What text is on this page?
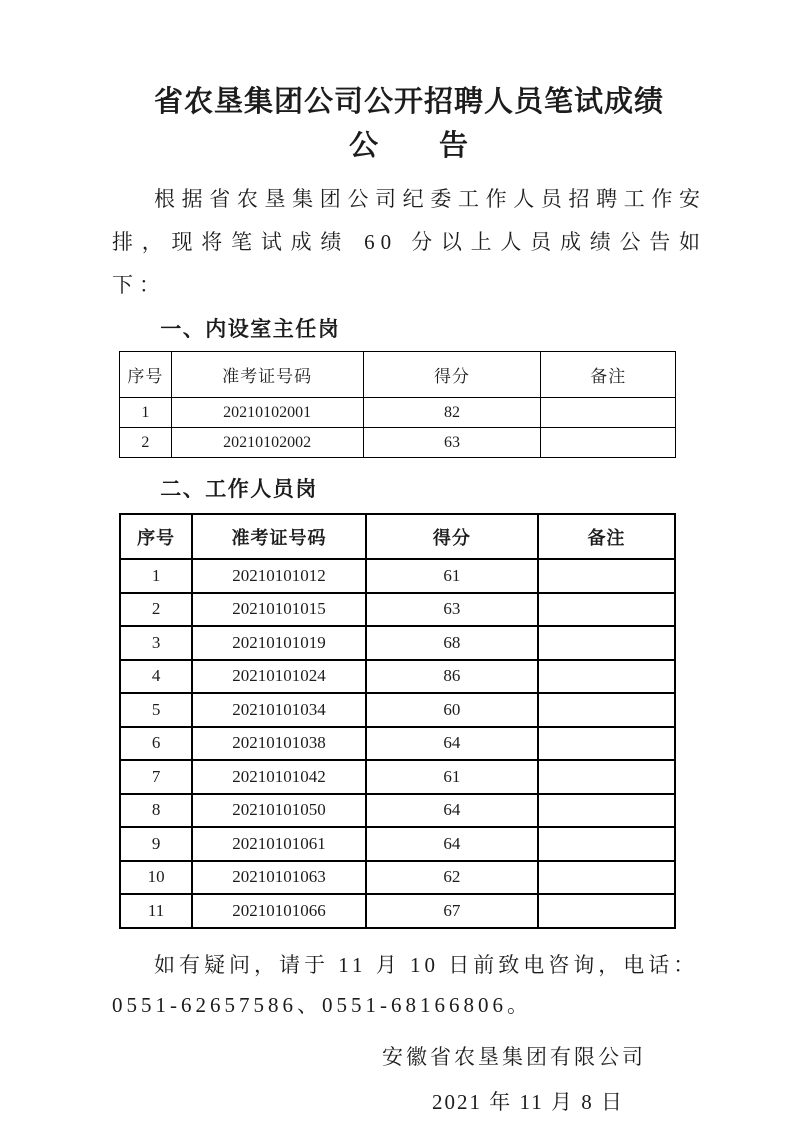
省农垦集团公司公开招聘人员笔试成绩
公　　告

根据省农垦集团公司纪委工作人员招聘工作安排，现将笔试成绩 60 分以上人员成绩公告如下：

一、内设室主任岗
序号	准考证号码	得分	备注
1	20210102001	82	
2	20210102002	63	
二、工作人员岗
序号	准考证号码	得分	备注
1	20210101012	61	
2	20210101015	63	
3	20210101019	68	
4	20210101024	86	
5	20210101034	60	
6	20210101038	64	
7	20210101042	61	
8	20210101050	64	
9	20210101061	64	
10	20210101063	62	
11	20210101066	67	

如有疑问，请于 11 月 10 日前致电咨询，电话：
0551-62657586、0551-68166806。

安徽省农垦集团有限公司
2021 年 11 月 8 日
